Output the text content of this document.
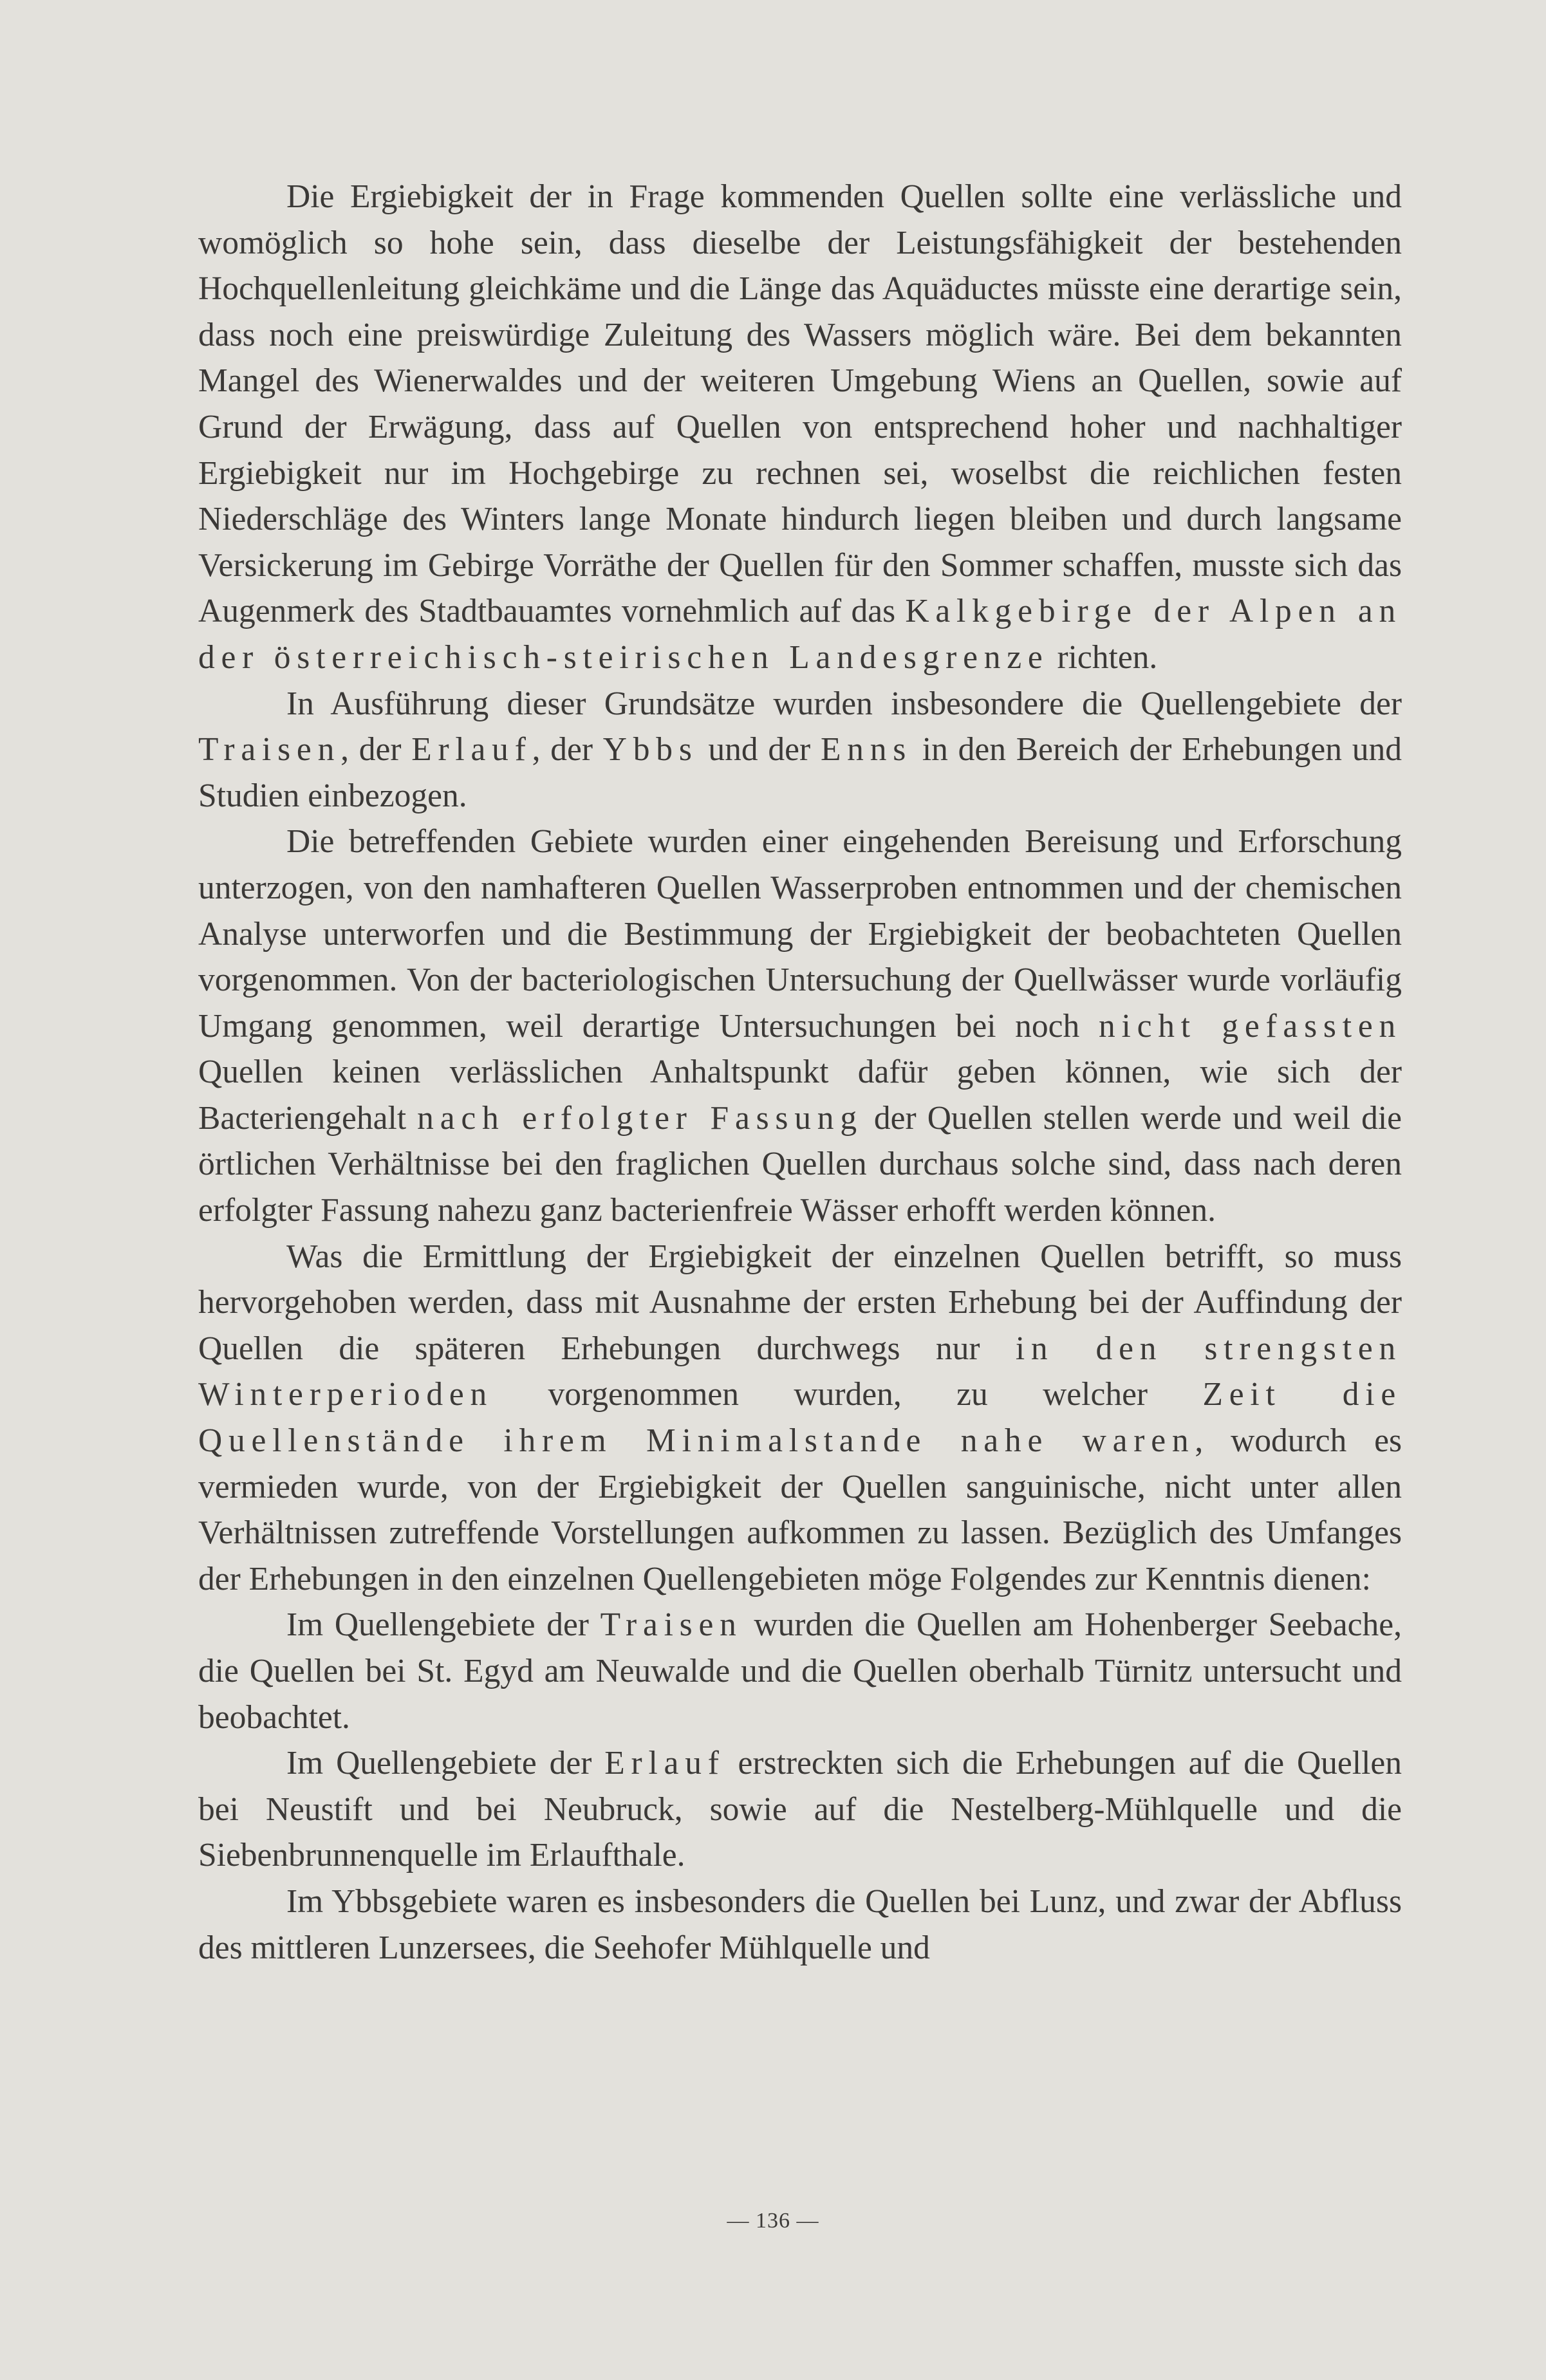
Die Ergiebigkeit der in Frage kommenden Quellen sollte eine verlässliche und womöglich so hohe sein, dass dieselbe der Leistungsfähigkeit der bestehenden Hochquellenleitung gleichkäme und die Länge das Aquäductes müsste eine derartige sein, dass noch eine preiswürdige Zuleitung des Wassers möglich wäre. Bei dem bekannten Mangel des Wienerwaldes und der weiteren Umgebung Wiens an Quellen, sowie auf Grund der Erwägung, dass auf Quellen von entsprechend hoher und nachhaltiger Ergiebigkeit nur im Hochgebirge zu rechnen sei, woselbst die reichlichen festen Niederschläge des Winters lange Monate hindurch liegen bleiben und durch langsame Versickerung im Gebirge Vorräthe der Quellen für den Sommer schaffen, musste sich das Augenmerk des Stadtbauamtes vornehmlich auf das Kalkgebirge der Alpen an der österreichisch-steirischen Landesgrenze richten.

In Ausführung dieser Grundsätze wurden insbesondere die Quellengebiete der Traisen, der Erlauf, der Ybbs und der Enns in den Bereich der Erhebungen und Studien einbezogen.

Die betreffenden Gebiete wurden einer eingehenden Bereisung und Erforschung unterzogen, von den namhafteren Quellen Wasserproben entnommen und der chemischen Analyse unterworfen und die Bestimmung der Ergiebigkeit der beobachteten Quellen vorgenommen. Von der bacteriologischen Untersuchung der Quellwässer wurde vorläufig Umgang genommen, weil derartige Untersuchungen bei noch nicht gefassten Quellen keinen verlässlichen Anhaltspunkt dafür geben können, wie sich der Bacteriengehalt nach erfolgter Fassung der Quellen stellen werde und weil die örtlichen Verhältnisse bei den fraglichen Quellen durchaus solche sind, dass nach deren erfolgter Fassung nahezu ganz bacterienfreie Wässer erhofft werden können.

Was die Ermittlung der Ergiebigkeit der einzelnen Quellen betrifft, so muss hervorgehoben werden, dass mit Ausnahme der ersten Erhebung bei der Auffindung der Quellen die späteren Erhebungen durchwegs nur in den strengsten Winterperioden vorgenommen wurden, zu welcher Zeit die Quellenstände ihrem Minimalstande nahe waren, wodurch es vermieden wurde, von der Ergiebigkeit der Quellen sanguinische, nicht unter allen Verhältnissen zutreffende Vorstellungen aufkommen zu lassen. Bezüglich des Umfanges der Erhebungen in den einzelnen Quellengebieten möge Folgendes zur Kenntnis dienen:

Im Quellengebiete der Traisen wurden die Quellen am Hohenberger Seebache, die Quellen bei St. Egyd am Neuwalde und die Quellen oberhalb Türnitz untersucht und beobachtet.

Im Quellengebiete der Erlauf erstreckten sich die Erhebungen auf die Quellen bei Neustift und bei Neubruck, sowie auf die Nestelberg-Mühlquelle und die Siebenbrunnenquelle im Erlaufthale.

Im Ybbsgebiete waren es insbesonders die Quellen bei Lunz, und zwar der Abfluss des mittleren Lunzersees, die Seehofer Mühlquelle und

— 136 —
